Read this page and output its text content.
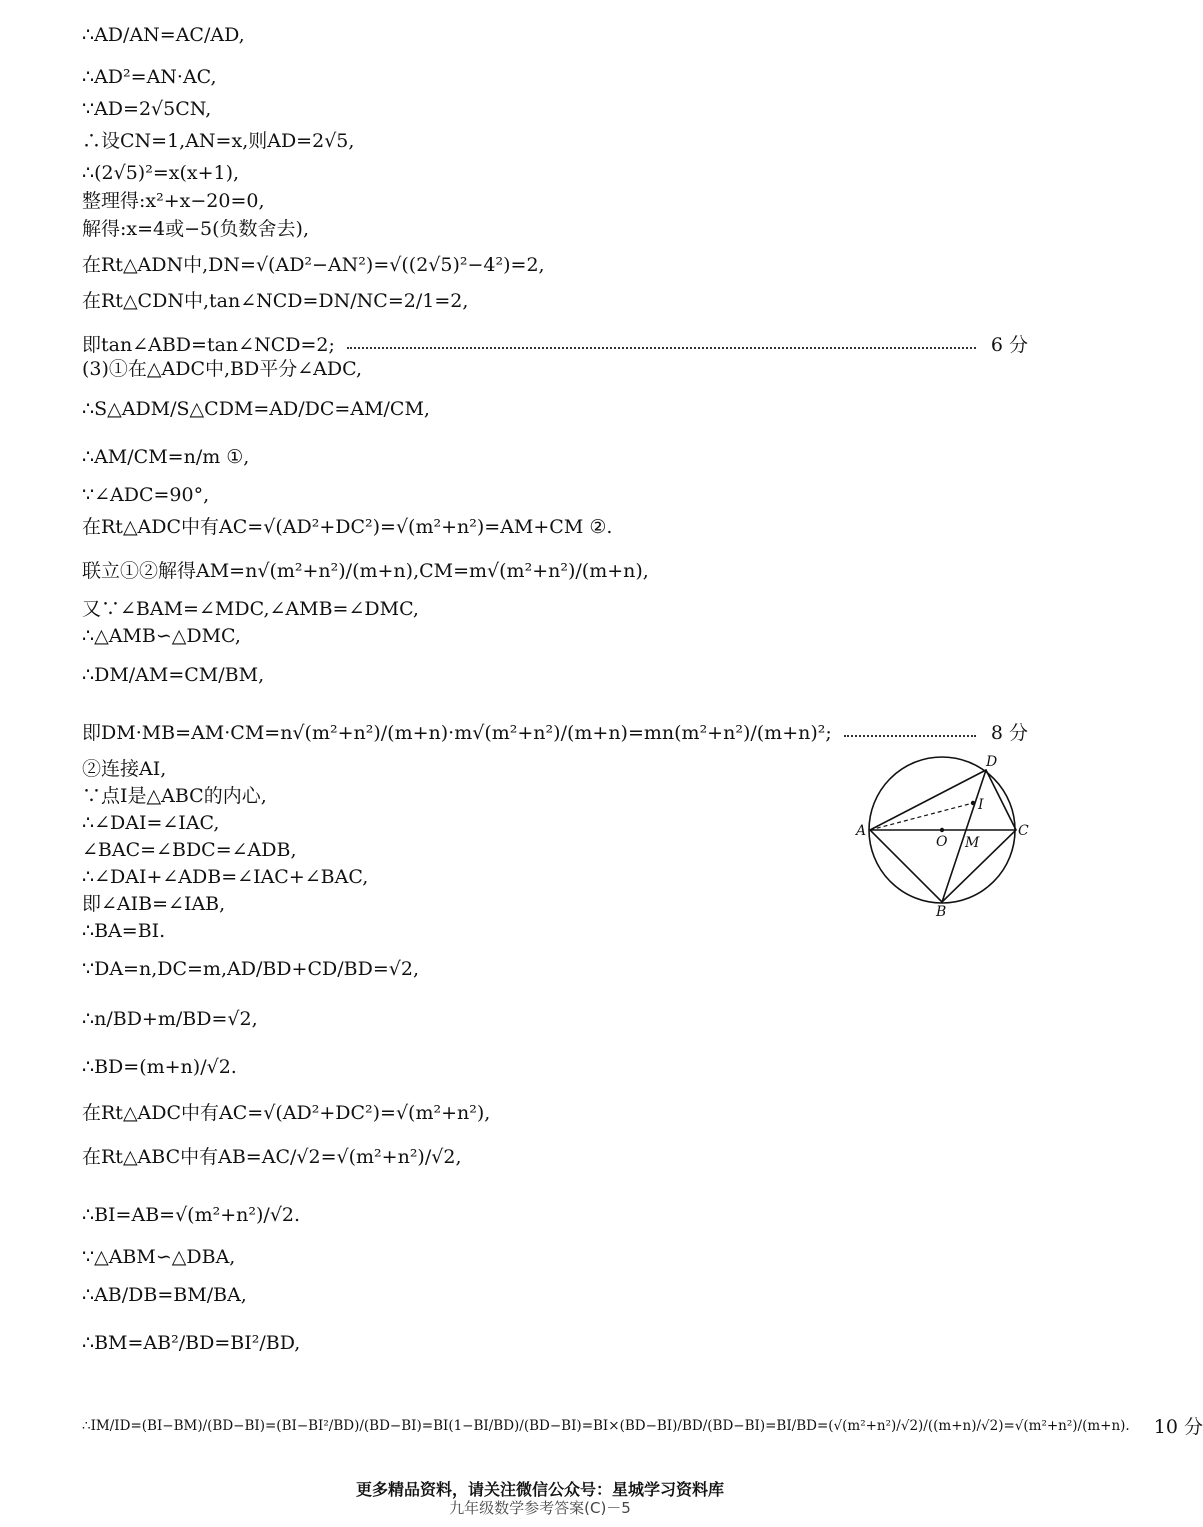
∴AD/AN=AC/AD,
∴AD²=AN·AC,
∵AD=2√5CN,
∴设CN=1,AN=x,则AD=2√5,
∴(2√5)²=x(x+1),
整理得:x²+x−20=0,
解得:x=4或−5(负数舍去),
在Rt△ADN中,DN=√(AD²−AN²)=√((2√5)²−4²)=2,
在Rt△CDN中,tan∠NCD=DN/NC=2/1=2,
即tan∠ABD=tan∠NCD=2;	6 分
(3)①在△ADC中,BD平分∠ADC,
∴S△ADM/S△CDM=AD/DC=AM/CM,
∴AM/CM=n/m ①,
∵∠ADC=90°,
在Rt△ADC中有AC=√(AD²+DC²)=√(m²+n²)=AM+CM ②.
联立①②解得AM=n√(m²+n²)/(m+n),CM=m√(m²+n²)/(m+n),
又∵∠BAM=∠MDC,∠AMB=∠DMC,
∴△AMB∽△DMC,
∴DM/AM=CM/BM,
即DM·MB=AM·CM=n√(m²+n²)/(m+n)·m√(m²+n²)/(m+n)=mn(m²+n²)/(m+n)²;	8 分
②连接AI,
∵点I是△ABC的内心,
∴∠DAI=∠IAC,
∠BAC=∠BDC=∠ADB,
∴∠DAI+∠ADB=∠IAC+∠BAC,
即∠AIB=∠IAB,
∴BA=BI.
∵DA=n,DC=m,AD/BD+CD/BD=√2,
∴n/BD+m/BD=√2,
∴BD=(m+n)/√2.
在Rt△ADC中有AC=√(AD²+DC²)=√(m²+n²),
在Rt△ABC中有AB=AC/√2=√(m²+n²)/√2,
∴BI=AB=√(m²+n²)/√2.
∵△ABM∽△DBA,
∴AB/DB=BM/BA,
∴BM=AB²/BD=BI²/BD,
∴IM/ID=(BI−BM)/(BD−BI)=(BI−BI²/BD)/(BD−BI)=BI(1−BI/BD)/(BD−BI)=BI×(BD−BI)/BD/(BD−BI)=BI/BD=(√(m²+n²)/√2)/((m+n)/√2)=√(m²+n²)/(m+n). 10 分
A
B
C
D
I
O M
更多精品资料，请关注微信公众号：星城学习资料库
九年级数学参考答案(C)－5
